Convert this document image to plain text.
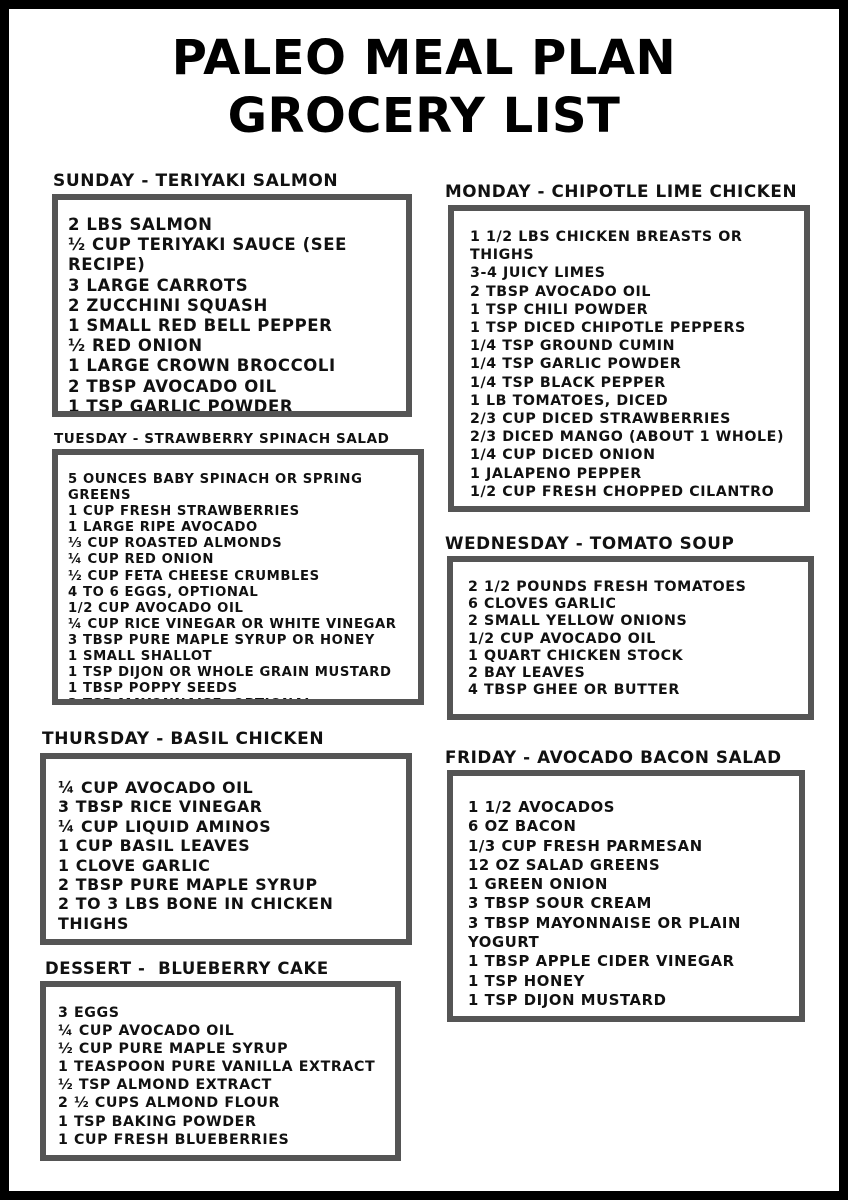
PALEO MEAL PLAN
GROCERY LIST
SUNDAY - TERIYAKI SALMON
2 LBS SALMON
½ CUP TERIYAKI SAUCE (SEE RECIPE)
3 LARGE CARROTS
2 ZUCCHINI SQUASH
1 SMALL RED BELL PEPPER
½ RED ONION
1 LARGE CROWN BROCCOLI
2 TBSP AVOCADO OIL
1 TSP GARLIC POWDER
TUESDAY - STRAWBERRY SPINACH SALAD
5 OUNCES BABY SPINACH OR SPRING GREENS
1 CUP FRESH STRAWBERRIES
1 LARGE RIPE AVOCADO
⅓ CUP ROASTED ALMONDS
¼ CUP RED ONION
½ CUP FETA CHEESE CRUMBLES
4 TO 6 EGGS, OPTIONAL
1/2 CUP AVOCADO OIL
¼ CUP RICE VINEGAR OR WHITE VINEGAR
3 TBSP PURE MAPLE SYRUP OR HONEY
1 SMALL SHALLOT
1 TSP DIJON OR WHOLE GRAIN MUSTARD
1 TBSP POPPY SEEDS
2 TSP MAYONNAISE, OPTIONAL
THURSDAY - BASIL CHICKEN
¼ CUP AVOCADO OIL
3 TBSP RICE VINEGAR
¼ CUP LIQUID AMINOS
1 CUP BASIL LEAVES
1 CLOVE GARLIC
2 TBSP PURE MAPLE SYRUP
2 TO 3 LBS BONE IN CHICKEN THIGHS
DESSERT -  BLUEBERRY CAKE
3 EGGS
¼ CUP AVOCADO OIL
½ CUP PURE MAPLE SYRUP
1 TEASPOON PURE VANILLA EXTRACT
½ TSP ALMOND EXTRACT
2 ½ CUPS ALMOND FLOUR
1 TSP BAKING POWDER
1 CUP FRESH BLUEBERRIES
MONDAY - CHIPOTLE LIME CHICKEN
1 1/2 LBS CHICKEN BREASTS OR THIGHS
3-4 JUICY LIMES
2 TBSP AVOCADO OIL
1 TSP CHILI POWDER
1 TSP DICED CHIPOTLE PEPPERS
1/4 TSP GROUND CUMIN
1/4 TSP GARLIC POWDER
1/4 TSP BLACK PEPPER
1 LB TOMATOES, DICED
2/3 CUP DICED STRAWBERRIES
2/3 DICED MANGO (ABOUT 1 WHOLE)
1/4 CUP DICED ONION
1 JALAPENO PEPPER
1/2 CUP FRESH CHOPPED CILANTRO
WEDNESDAY - TOMATO SOUP
2 1/2 POUNDS FRESH TOMATOES
6 CLOVES GARLIC
2 SMALL YELLOW ONIONS
1/2 CUP AVOCADO OIL
1 QUART CHICKEN STOCK
2 BAY LEAVES
4 TBSP GHEE OR BUTTER
FRIDAY - AVOCADO BACON SALAD
1 1/2 AVOCADOS
6 OZ BACON
1/3 CUP FRESH PARMESAN
12 OZ SALAD GREENS
1 GREEN ONION
3 TBSP SOUR CREAM
3 TBSP MAYONNAISE OR PLAIN YOGURT
1 TBSP APPLE CIDER VINEGAR
1 TSP HONEY
1 TSP DIJON MUSTARD
